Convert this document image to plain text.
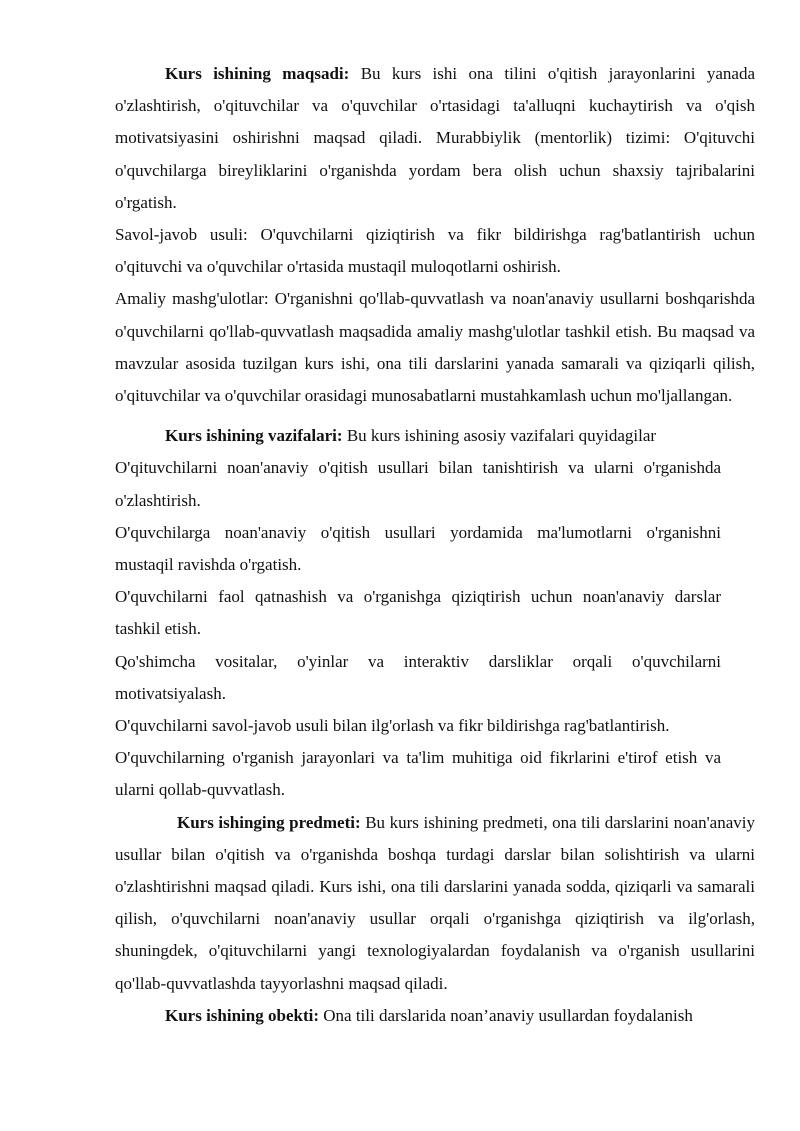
Kurs ishining maqsadi: Bu kurs ishi ona tilini o'qitish jarayonlarini yanada o'zlashtirish, o'qituvchilar va o'quvchilar o'rtasidagi ta'alluqni kuchaytirish va o'qish motivatsiyasini oshirishni maqsad qiladi. Murabbiylik (mentorlik) tizimi: O'qituvchi o'quvchilarga bireyliklarini o'rganishda yordam bera olish uchun shaxsiy tajribalarini o'rgatish.

Savol-javob usuli: O'quvchilarni qiziqtirish va fikr bildirishga rag'batlantirish uchun o'qituvchi va o'quvchilar o'rtasida mustaqil muloqotlarni oshirish.

Amaliy mashg'ulotlar: O'rganishni qo'llab-quvvatlash va noan'anaviy usullarni boshqarishda o'quvchilarni qo'llab-quvvatlash maqsadida amaliy mashg'ulotlar tashkil etish. Bu maqsad va mavzular asosida tuzilgan kurs ishi, ona tili darslarini yanada samarali va qiziqarli qilish, o'qituvchilar va o'quvchilar orasidagi munosabatlarni mustahkamlash uchun mo'ljallangan.

Kurs ishining vazifalari: Bu kurs ishining asosiy vazifalari quyidagilar

O'qituvchilarni noan'anaviy o'qitish usullari bilan tanishtirish va ularni o'rganishda o'zlashtirish.

O'quvchilarga noan'anaviy o'qitish usullari yordamida ma'lumotlarni o'rganishni mustaqil ravishda o'rgatish.

O'quvchilarni faol qatnashish va o'rganishga qiziqtirish uchun noan'anaviy darslar tashkil etish.

Qo'shimcha vositalar, o'yinlar va interaktiv darsliklar orqali o'quvchilarni motivatsiyalash.

O'quvchilarni savol-javob usuli bilan ilg'orlash va fikr bildirishga rag'batlantirish.

O'quvchilarning o'rganish jarayonlari va ta'lim muhitiga oid fikrlarini e'tirof etish va ularni qollab-quvvatlash.

Kurs ishinging predmeti: Bu kurs ishining predmeti, ona tili darslarini noan'anaviy usullar bilan o'qitish va o'rganishda boshqa turdagi darslar bilan solishtirish va ularni o'zlashtirishni maqsad qiladi. Kurs ishi, ona tili darslarini yanada sodda, qiziqarli va samarali qilish, o'quvchilarni noan'anaviy usullar orqali o'rganishga qiziqtirish va ilg'orlash, shuningdek, o'qituvchilarni yangi texnologiyalardan foydalanish va o'rganish usullarini qo'llab-quvvatlashda tayyorlashni maqsad qiladi.

Kurs ishining obekti: Ona tili darslarida noan’anaviy usullardan foydalanish
